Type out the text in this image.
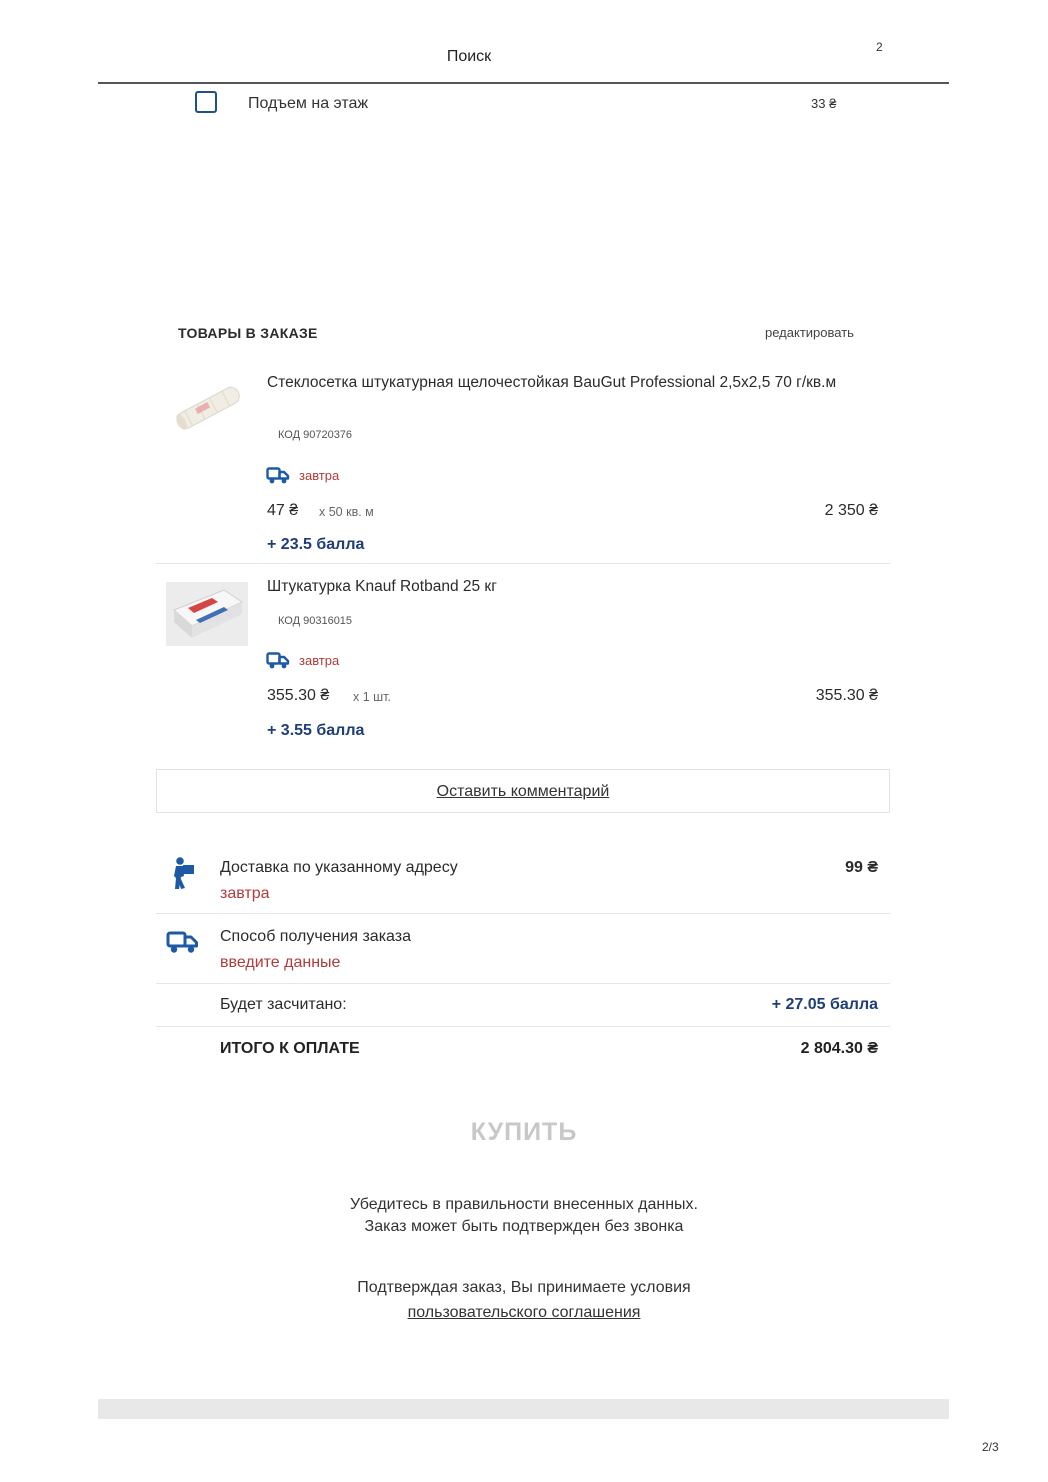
Поиск
2
Подъем на этаж	33 ₴
ТОВАРЫ В ЗАКАЗЕ	редактировать
Стеклосетка штукатурная щелочестойкая BauGut Professional 2,5х2,5 70 г/кв.м
КОД 90720376
завтра
47 ₴ x 50 кв. м	2 350 ₴
+ 23.5 балла
Штукатурка Knauf Rotband 25 кг
КОД 90316015
завтра
355.30 ₴ x 1 шт.	355.30 ₴
+ 3.55 балла
Оставить комментарий
Доставка по указанному адресу
завтра
99 ₴
Способ получения заказа
введите данные
Будет засчитано:	+ 27.05 балла
ИТОГО К ОПЛАТЕ	2 804.30 ₴
КУПИТЬ
Убедитесь в правильности внесенных данных.
Заказ может быть подтвержден без звонка
Подтверждая заказ, Вы принимаете условия
пользовательского соглашения
2/3
